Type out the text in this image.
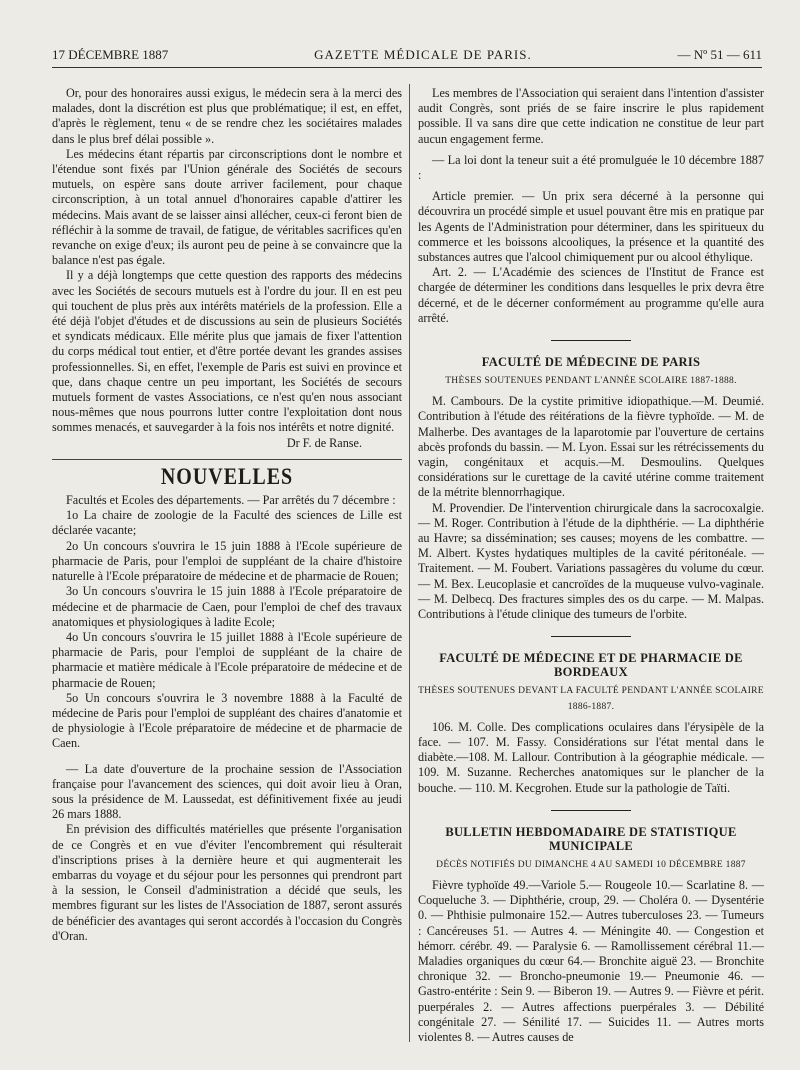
17 DÉCEMBRE 1887	GAZETTE MÉDICALE DE PARIS.	— Nº 51 — 611

Or, pour des honoraires aussi exigus, le médecin sera à la merci des malades, dont la discrétion est plus que problématique; il est, en effet, d'après le règlement, tenu « de se rendre chez les sociétaires malades dans le plus bref délai possible ».

Les médecins étant répartis par circonscriptions dont le nombre et l'étendue sont fixés par l'Union générale des Sociétés de secours mutuels, on espère sans doute arriver facilement, pour chaque circonscription, à un total annuel d'honoraires capable d'attirer les médecins. Mais avant de se laisser ainsi allécher, ceux-ci feront bien de réfléchir à la somme de travail, de fatigue, de véritables sacrifices qu'en revanche on exige d'eux; ils auront peu de peine à se convaincre que la balance n'est pas égale.

Il y a déjà longtemps que cette question des rapports des médecins avec les Sociétés de secours mutuels est à l'ordre du jour. Il en est peu qui touchent de plus près aux intérêts matériels de la profession. Elle a été déjà l'objet d'études et de discussions au sein de plusieurs Sociétés et syndicats médicaux. Elle mérite plus que jamais de fixer l'attention du corps médical tout entier, et d'être portée devant les grandes assises professionnelles. Si, en effet, l'exemple de Paris est suivi en province et que, dans chaque centre un peu important, les Sociétés de secours mutuels forment de vastes Associations, ce n'est qu'en nous associant nous-mêmes que nous pourrons lutter contre l'exploitation dont nous sommes menacés, et sauvegarder à la fois nos intérêts et notre dignité.

Dr F. de Ranse.

NOUVELLES

Facultés et Ecoles des départements. — Par arrêtés du 7 décembre :

1o La chaire de zoologie de la Faculté des sciences de Lille est déclarée vacante;

2o Un concours s'ouvrira le 15 juin 1888 à l'Ecole supérieure de pharmacie de Paris, pour l'emploi de suppléant de la chaire d'histoire naturelle à l'Ecole préparatoire de médecine et de pharmacie de Rouen;

3o Un concours s'ouvrira le 15 juin 1888 à l'Ecole préparatoire de médecine et de pharmacie de Caen, pour l'emploi de chef des travaux anatomiques et physiologiques à ladite Ecole;

4o Un concours s'ouvrira le 15 juillet 1888 à l'Ecole supérieure de pharmacie de Paris, pour l'emploi de suppléant de la chaire de pharmacie et matière médicale à l'Ecole préparatoire de médecine et de pharmacie de Rouen;

5o Un concours s'ouvrira le 3 novembre 1888 à la Faculté de médecine de Paris pour l'emploi de suppléant des chaires d'anatomie et de physiologie à l'Ecole préparatoire de médecine et de pharmacie de Caen.

— La date d'ouverture de la prochaine session de l'Association française pour l'avancement des sciences, qui doit avoir lieu à Oran, sous la présidence de M. Laussedat, est définitivement fixée au jeudi 26 mars 1888.

En prévision des difficultés matérielles que présente l'organisation de ce Congrès et en vue d'éviter l'encombrement qui résulterait d'inscriptions prises à la dernière heure et qui augmenterait les embarras du voyage et du séjour pour les personnes qui prendront part à la session, le Conseil d'administration a décidé que seuls, les membres figurant sur les listes de l'Association de 1887, seront assurés de bénéficier des avantages qui seront accordés à l'occasion du Congrès d'Oran.

Les membres de l'Association qui seraient dans l'intention d'assister audit Congrès, sont priés de se faire inscrire le plus rapidement possible. Il va sans dire que cette indication ne constitue de leur part aucun engagement ferme.

— La loi dont la teneur suit a été promulguée le 10 décembre 1887 :

Article premier. — Un prix sera décerné à la personne qui découvrira un procédé simple et usuel pouvant être mis en pratique par les Agents de l'Administration pour déterminer, dans les spiritueux du commerce et les boissons alcooliques, la présence et la quantité des substances autres que l'alcool chimiquement pur ou alcool éthylique.

Art. 2. — L'Académie des sciences de l'Institut de France est chargée de déterminer les conditions dans lesquelles le prix devra être décerné, et de le décerner conformément au programme qu'elle aura arrêté.

FACULTÉ DE MÉDECINE DE PARIS
THÈSES SOUTENUES PENDANT L'ANNÉE SCOLAIRE 1887-1888.

M. Cambours. De la cystite primitive idiopathique.—M. Deumié. Contribution à l'étude des réitérations de la fièvre typhoïde. — M. de Malherbe. Des avantages de la laparotomie par l'ouverture de certains abcès profonds du bassin. — M. Lyon. Essai sur les rétrécissements du vagin, congénitaux et acquis.—M. Desmoulins. Quelques considérations sur le curettage de la cavité utérine comme traitement de la métrite blennorrhagique.

M. Provendier. De l'intervention chirurgicale dans la sacrocoxalgie. — M. Roger. Contribution à l'étude de la diphthérie. — La diphthérie au Havre; sa dissémination; ses causes; moyens de les combattre. — M. Albert. Kystes hydatiques multiples de la cavité péritonéale. — Traitement. — M. Foubert. Variations passagères du volume du cœur. — M. Bex. Leucoplasie et cancroïdes de la muqueuse vulvo-vaginale. — M. Delbecq. Des fractures simples des os du carpe. — M. Malpas. Contributions à l'étude clinique des tumeurs de l'orbite.

FACULTÉ DE MÉDECINE ET DE PHARMACIE DE BORDEAUX
THÈSES SOUTENUES DEVANT LA FACULTÉ PENDANT L'ANNÉE SCOLAIRE 1886-1887.

106. M. Colle. Des complications oculaires dans l'érysipèle de la face. — 107. M. Fassy. Considérations sur l'état mental dans le diabète.—108. M. Lallour. Contribution à la géographie médicale. — 109. M. Suzanne. Recherches anatomiques sur le plancher de la bouche. — 110. M. Kecgrohen. Etude sur la pathologie de Taïti.

BULLETIN HEBDOMADAIRE DE STATISTIQUE MUNICIPALE
DÉCÈS NOTIFIÉS DU DIMANCHE 4 AU SAMEDI 10 DÉCEMBRE 1887

Fièvre typhoïde 49.—Variole 5.— Rougeole 10.— Scarlatine 8. — Coqueluche 3. — Diphthérie, croup, 29. — Choléra 0. — Dysentérie 0. — Phthisie pulmonaire 152.— Autres tuberculoses 23. — Tumeurs : Cancéreuses 51. — Autres 4. — Méningite 40. — Congestion et hémorr. cérébr. 49. — Paralysie 6. — Ramollissement cérébral 11.—Maladies organiques du cœur 64.— Bronchite aiguë 23. — Bronchite chronique 32. — Broncho-pneumonie 19.— Pneumonie 46. — Gastro-entérite : Sein 9. — Biberon 19. — Autres 9. — Fièvre et périt. puerpérales 2. — Autres affections puerpérales 3. — Débilité congénitale 27. — Sénilité 17. — Suicides 11. — Autres morts violentes 8. — Autres causes de
